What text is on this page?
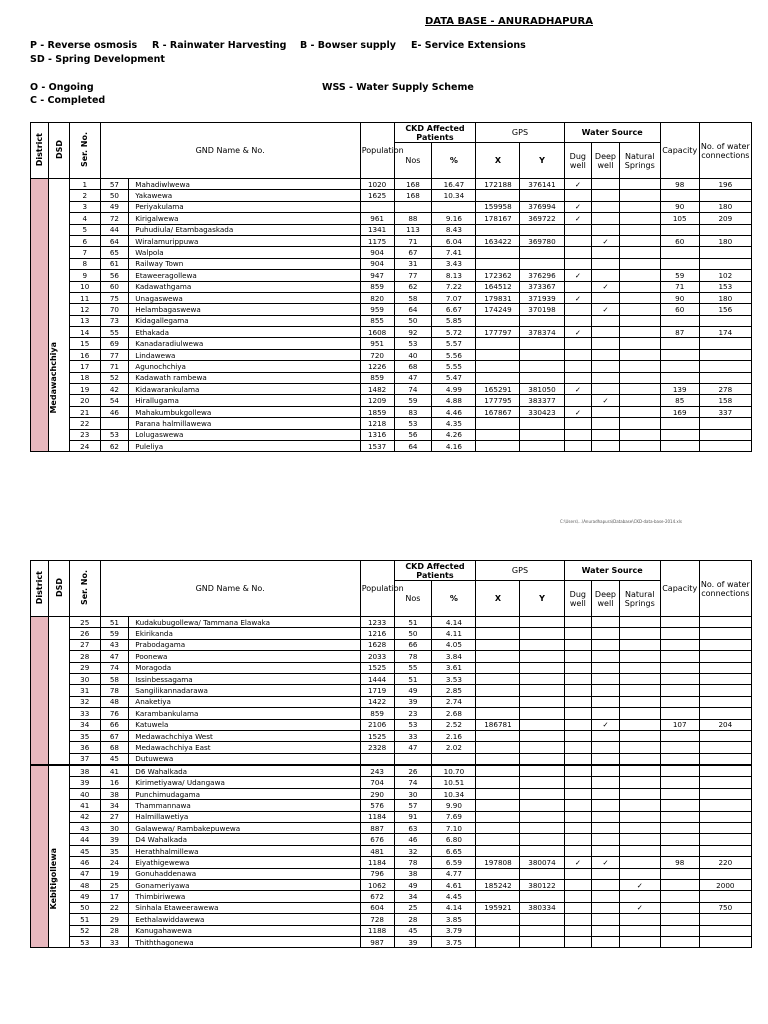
DATA BASE - ANURADHAPURA
P - Reverse osmosis R - Rainwater Harvesting B - Bowser supply E- Service Extensions
SD - Spring Development
O - Ongoing	WSS - Water Supply Scheme
C - Completed
District	DSD	Ser. No.	GND Name & No.		Population	CKD Affected Patients		GPS		Water Source			Capacity	No. of water connections
						Nos	%	X	Y	Dug well	Deep well	Natural Springs		
	Medawachchiya	1	57	Mahadiwlwewa	1020	168	16.47	172188	376141	✓			98	196
		2	50	Yakawewa	1625	168	10.34							
		3	49	Periyakulama				159958	376994	✓			90	180
		4	72	Kirigalwewa	961	88	9.16	178167	369722	✓			105	209
		5	44	Puhudiula/ Etambagaskada	1341	113	8.43							
		6	64	Wiralamurippuwa	1175	71	6.04	163422	369780		✓		60	180
		7	65	Walpola	904	67	7.41							
		8	61	Railway Town	904	31	3.43							
		9	56	Etaweeragollewa	947	77	8.13	172362	376296	✓			59	102
		10	60	Kadawathgama	859	62	7.22	164512	373367		✓		71	153
		11	75	Unagaswewa	820	58	7.07	179831	371939	✓			90	180
		12	70	Helambagaswewa	959	64	6.67	174249	370198		✓		60	156
		13	73	Kidagallegama	855	50	5.85							
		14	55	Ethakada	1608	92	5.72	177797	378374	✓			87	174
		15	69	Kanadaradiulwewa	951	53	5.57							
		16	77	Lindawewa	720	40	5.56							
		17	71	Agunochchiya	1226	68	5.55							
		18	52	Kadawath rambewa	859	47	5.47							
		19	42	Kidawarankulama	1482	74	4.99	165291	381050	✓			139	278
		20	54	Hirallugama	1209	59	4.88	177795	383377		✓		85	158
		21	46	Mahakumbukgollewa	1859	83	4.46	167867	330423	✓			169	337
		22		Parana halmillawewa	1218	53	4.35							
		23	53	Lolugaswewa	1316	56	4.26							
		24	62	Puleliya	1537	64	4.16							
C:\Users\...\Anuradhapura\Database\CKD-data-base-2014.xls
District	DSD	Ser. No.	GND Name & No.		Population	CKD Affected Patients		GPS		Water Source			Capacity	No. of water connections
						Nos	%	X	Y	Dug well	Deep well	Natural Springs		
		25	51	Kudakubugollewa/ Tammana Elawaka	1233	51	4.14							
		26	59	Ekirikanda	1216	50	4.11							
		27	43	Prabodagama	1628	66	4.05							
		28	47	Poonewa	2033	78	3.84							
		29	74	Moragoda	1525	55	3.61							
		30	58	Issinbessagama	1444	51	3.53							
		31	78	Sangilikannadarawa	1719	49	2.85							
		32	48	Anaketiya	1422	39	2.74							
		33	76	Karambankulama	859	23	2.68							
		34	66	Katuwela	2106	53	2.52	186781			✓		107	204
		35	67	Medawachchiya West	1525	33	2.16							
		36	68	Medawachchiya East	2328	47	2.02							
		37	45	Dutuwewa										
	Kebitigollewa	38	41	D6 Wahalkada	243	26	10.70							
		39	16	Kirimetiyawa/ Udangawa	704	74	10.51							
		40	38	Punchimudagama	290	30	10.34							
		41	34	Thammannawa	576	57	9.90							
		42	27	Halmillawetiya	1184	91	7.69							
		43	30	Galawewa/ Rambakepuwewa	887	63	7.10							
		44	39	D4 Wahalkada	676	46	6.80							
		45	35	Herathhalmillewa	481	32	6.65							
		46	24	Eiyathigewewa	1184	78	6.59	197808	380074	✓	✓		98	220
		47	19	Gonuhaddenawa	796	38	4.77							
		48	25	Gonameriyawa	1062	49	4.61	185242	380122			✓		2000
		49	17	Thimbiriwewa	672	34	4.45							
		50	22	Sinhala Etaweerawewa	604	25	4.14	195921	380334			✓		750
		51	29	Eethalawiddawewa	728	28	3.85							
		52	28	Kanugahawewa	1188	45	3.79							
		53	33	Thiththagonewa	987	39	3.75							
